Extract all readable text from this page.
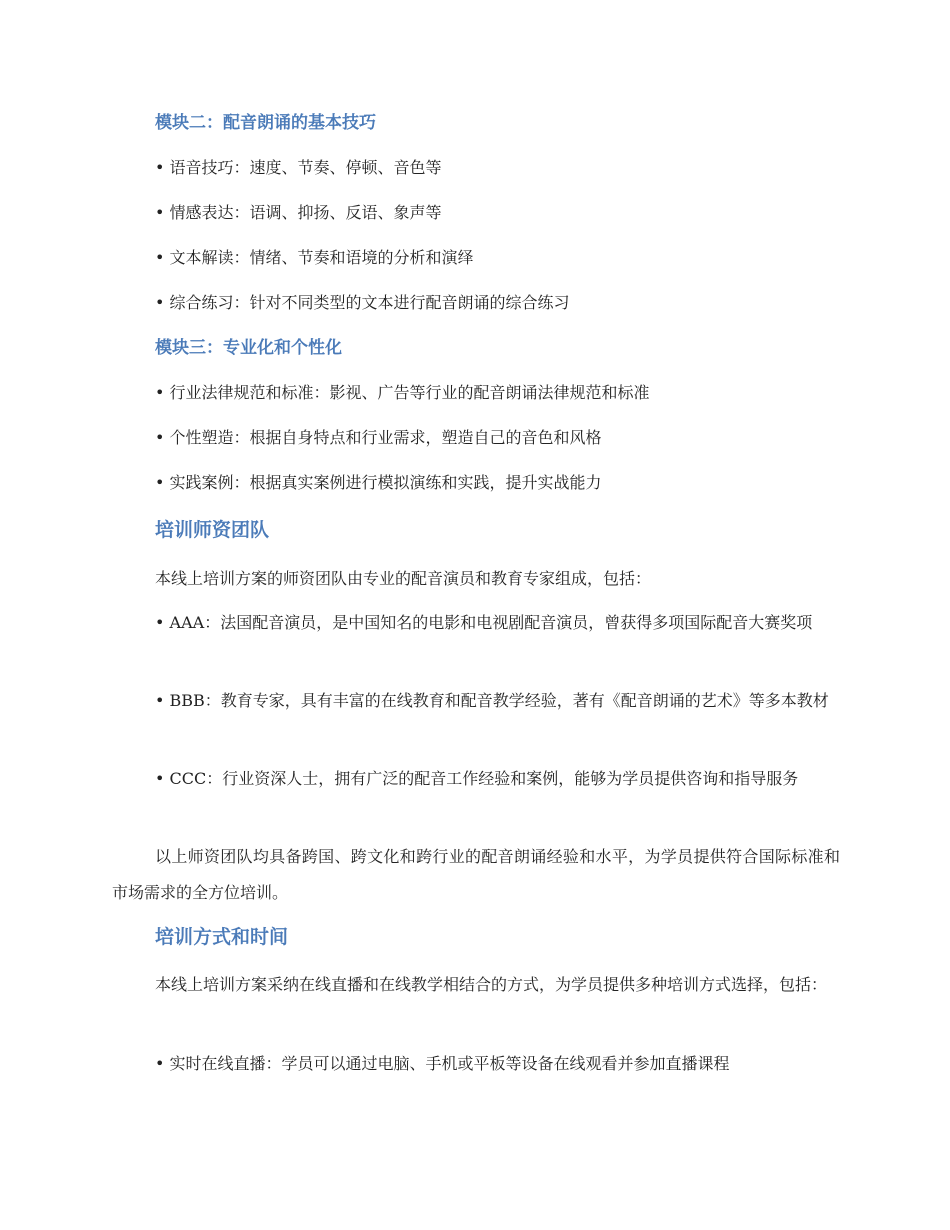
模块二：配音朗诵的基本技巧

• 语音技巧：速度、节奏、停顿、音色等

• 情感表达：语调、抑扬、反语、象声等

• 文本解读：情绪、节奏和语境的分析和演绎

• 综合练习：针对不同类型的文本进行配音朗诵的综合练习

模块三：专业化和个性化

• 行业法律规范和标准：影视、广告等行业的配音朗诵法律规范和标准

• 个性塑造：根据自身特点和行业需求，塑造自己的音色和风格

• 实践案例：根据真实案例进行模拟演练和实践，提升实战能力

培训师资团队

本线上培训方案的师资团队由专业的配音演员和教育专家组成，包括：

• AAA：法国配音演员，是中国知名的电影和电视剧配音演员，曾获得多项国际配音大赛奖项

• BBB：教育专家，具有丰富的在线教育和配音教学经验，著有《配音朗诵的艺术》等多本教材

• CCC：行业资深人士，拥有广泛的配音工作经验和案例，能够为学员提供咨询和指导服务

以上师资团队均具备跨国、跨文化和跨行业的配音朗诵经验和水平，为学员提供符合国际标准和市场需求的全方位培训。

培训方式和时间

本线上培训方案采纳在线直播和在线教学相结合的方式，为学员提供多种培训方式选择，包括：

• 实时在线直播：学员可以通过电脑、手机或平板等设备在线观看并参加直播课程
